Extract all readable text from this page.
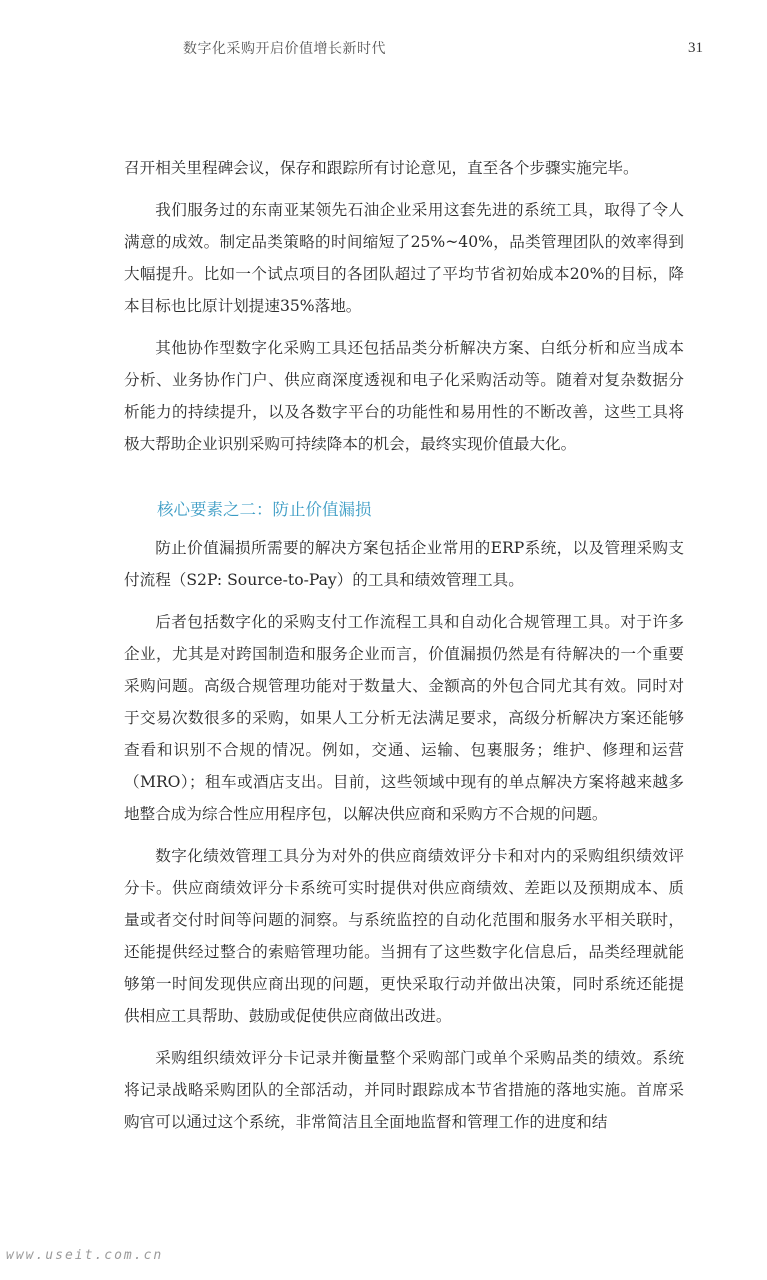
数字化采购开启价值增长新时代	31

召开相关里程碑会议，保存和跟踪所有讨论意见，直至各个步骤实施完毕。

我们服务过的东南亚某领先石油企业采用这套先进的系统工具，取得了令人满意的成效。制定品类策略的时间缩短了25%~40%，品类管理团队的效率得到大幅提升。比如一个试点项目的各团队超过了平均节省初始成本20%的目标，降本目标也比原计划提速35%落地。

其他协作型数字化采购工具还包括品类分析解决方案、白纸分析和应当成本分析、业务协作门户、供应商深度透视和电子化采购活动等。随着对复杂数据分析能力的持续提升，以及各数字平台的功能性和易用性的不断改善，这些工具将极大帮助企业识别采购可持续降本的机会，最终实现价值最大化。

核心要素之二：防止价值漏损

防止价值漏损所需要的解决方案包括企业常用的ERP系统，以及管理采购支付流程（S2P: Source-to-Pay）的工具和绩效管理工具。

后者包括数字化的采购支付工作流程工具和自动化合规管理工具。对于许多企业，尤其是对跨国制造和服务企业而言，价值漏损仍然是有待解决的一个重要采购问题。高级合规管理功能对于数量大、金额高的外包合同尤其有效。同时对于交易次数很多的采购，如果人工分析无法满足要求，高级分析解决方案还能够查看和识别不合规的情况。例如，交通、运输、包裹服务；维护、修理和运营（MRO）；租车或酒店支出。目前，这些领域中现有的单点解决方案将越来越多地整合成为综合性应用程序包，以解决供应商和采购方不合规的问题。

数字化绩效管理工具分为对外的供应商绩效评分卡和对内的采购组织绩效评分卡。供应商绩效评分卡系统可实时提供对供应商绩效、差距以及预期成本、质量或者交付时间等问题的洞察。与系统监控的自动化范围和服务水平相关联时，还能提供经过整合的索赔管理功能。当拥有了这些数字化信息后，品类经理就能够第一时间发现供应商出现的问题，更快采取行动并做出决策，同时系统还能提供相应工具帮助、鼓励或促使供应商做出改进。

采购组织绩效评分卡记录并衡量整个采购部门或单个采购品类的绩效。系统将记录战略采购团队的全部活动，并同时跟踪成本节省措施的落地实施。首席采购官可以通过这个系统，非常简洁且全面地监督和管理工作的进度和结

www.useit.com.cn
